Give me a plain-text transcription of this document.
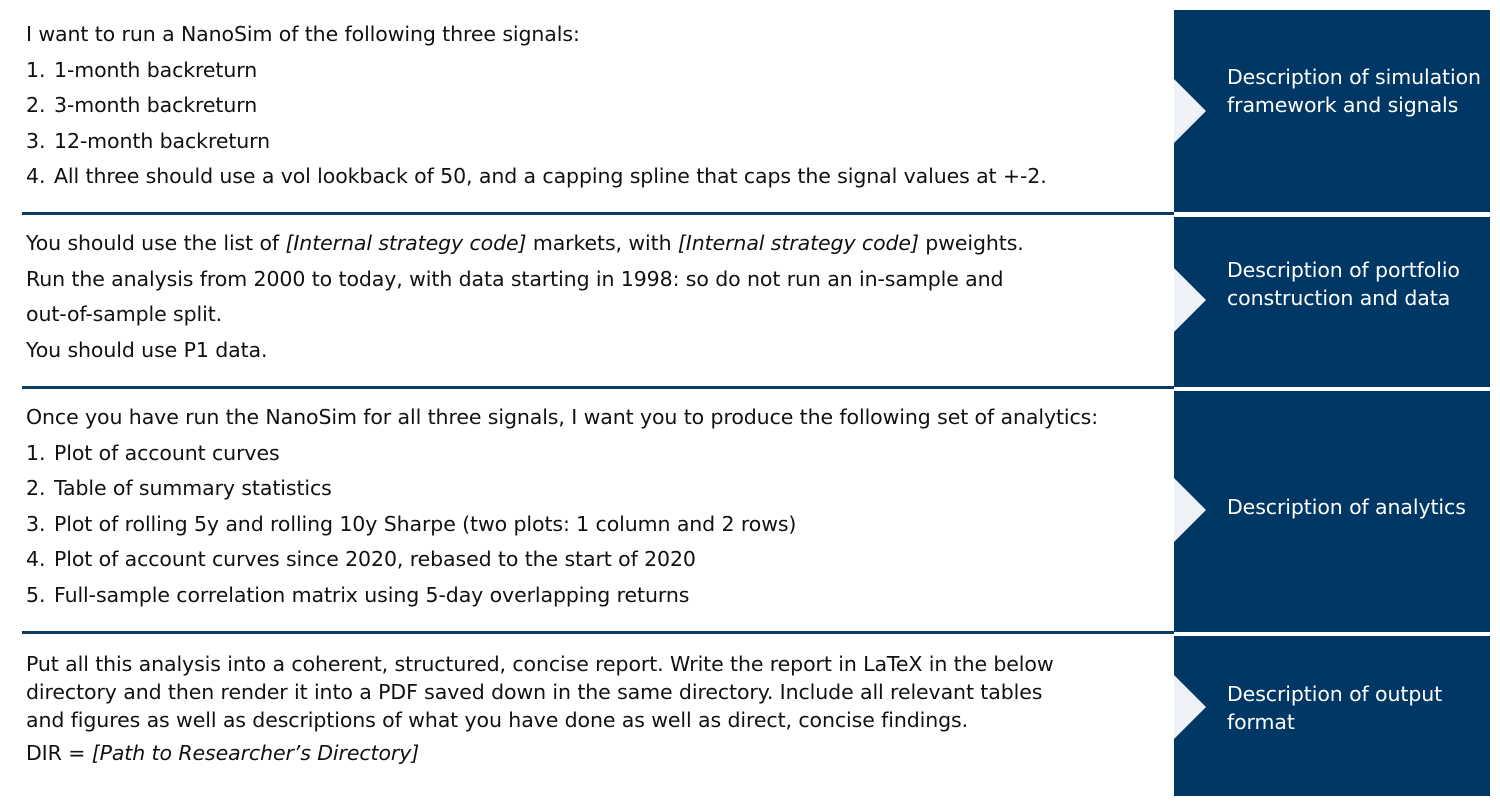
I want to run a NanoSim of the following three signals:
1. 1-month backreturn
2. 3-month backreturn
3. 12-month backreturn
4. All three should use a vol lookback of 50, and a capping spline that caps the signal values at +-2.
Description of simulation framework and signals
You should use the list of [Internal strategy code] markets, with [Internal strategy code] pweights.
Run the analysis from 2000 to today, with data starting in 1998: so do not run an in-sample and
out-of-sample split.
You should use P1 data.
Description of portfolio construction and data
Once you have run the NanoSim for all three signals, I want you to produce the following set of analytics:
1. Plot of account curves
2. Table of summary statistics
3. Plot of rolling 5y and rolling 10y Sharpe (two plots: 1 column and 2 rows)
4. Plot of account curves since 2020, rebased to the start of 2020
5. Full-sample correlation matrix using 5-day overlapping returns
Description of analytics
Put all this analysis into a coherent, structured, concise report. Write the report in LaTeX in the below
directory and then render it into a PDF saved down in the same directory. Include all relevant tables
and figures as well as descriptions of what you have done as well as direct, concise findings.
DIR = [Path to Researcher’s Directory]
Description of output format
